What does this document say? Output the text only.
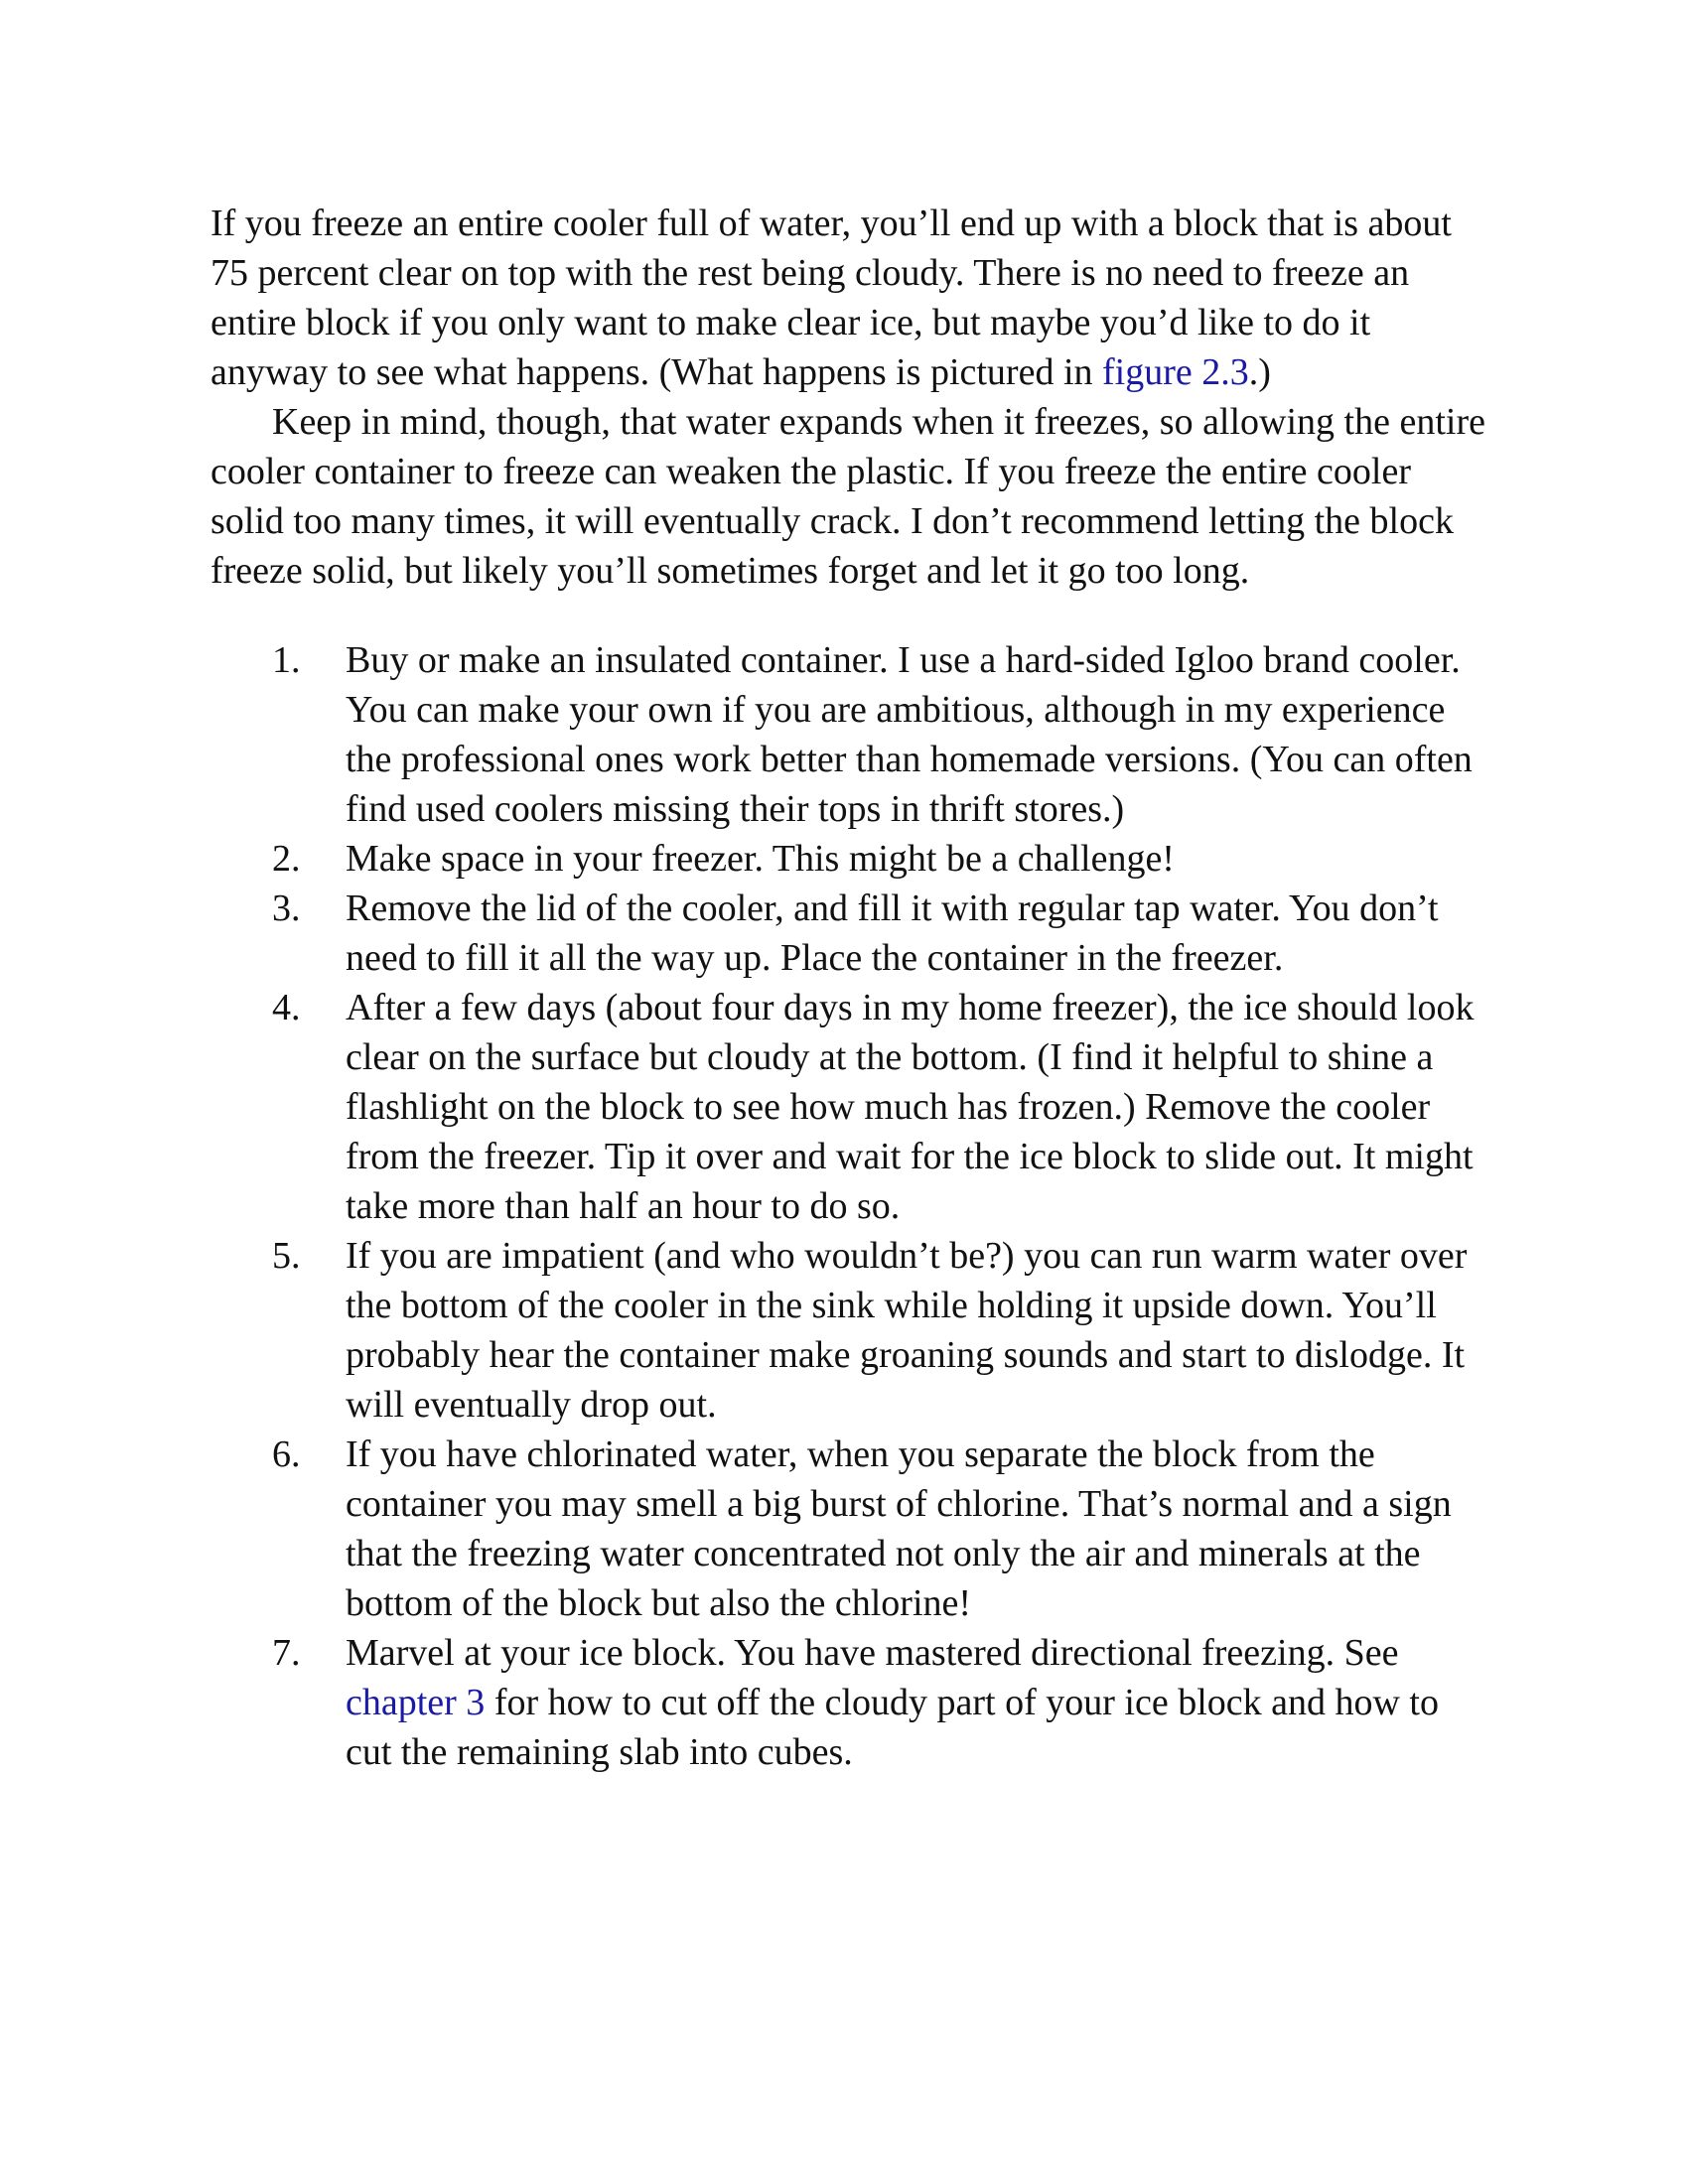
If you freeze an entire cooler full of water, you’ll end up with a block that is about 75 percent clear on top with the rest being cloudy. There is no need to freeze an entire block if you only want to make clear ice, but maybe you’d like to do it anyway to see what happens. (What happens is pictured in figure 2.3.)

Keep in mind, though, that water expands when it freezes, so allowing the entire cooler container to freeze can weaken the plastic. If you freeze the entire cooler solid too many times, it will eventually crack. I don’t recommend letting the block freeze solid, but likely you’ll sometimes forget and let it go too long.

1. Buy or make an insulated container. I use a hard-sided Igloo brand cooler. You can make your own if you are ambitious, although in my experience the professional ones work better than homemade versions. (You can often find used coolers missing their tops in thrift stores.)
2. Make space in your freezer. This might be a challenge!
3. Remove the lid of the cooler, and fill it with regular tap water. You don’t need to fill it all the way up. Place the container in the freezer.
4. After a few days (about four days in my home freezer), the ice should look clear on the surface but cloudy at the bottom. (I find it helpful to shine a flashlight on the block to see how much has frozen.) Remove the cooler from the freezer. Tip it over and wait for the ice block to slide out. It might take more than half an hour to do so.
5. If you are impatient (and who wouldn’t be?) you can run warm water over the bottom of the cooler in the sink while holding it upside down. You’ll probably hear the container make groaning sounds and start to dislodge. It will eventually drop out.
6. If you have chlorinated water, when you separate the block from the container you may smell a big burst of chlorine. That’s normal and a sign that the freezing water concentrated not only the air and minerals at the bottom of the block but also the chlorine!
7. Marvel at your ice block. You have mastered directional freezing. See chapter 3 for how to cut off the cloudy part of your ice block and how to cut the remaining slab into cubes.
